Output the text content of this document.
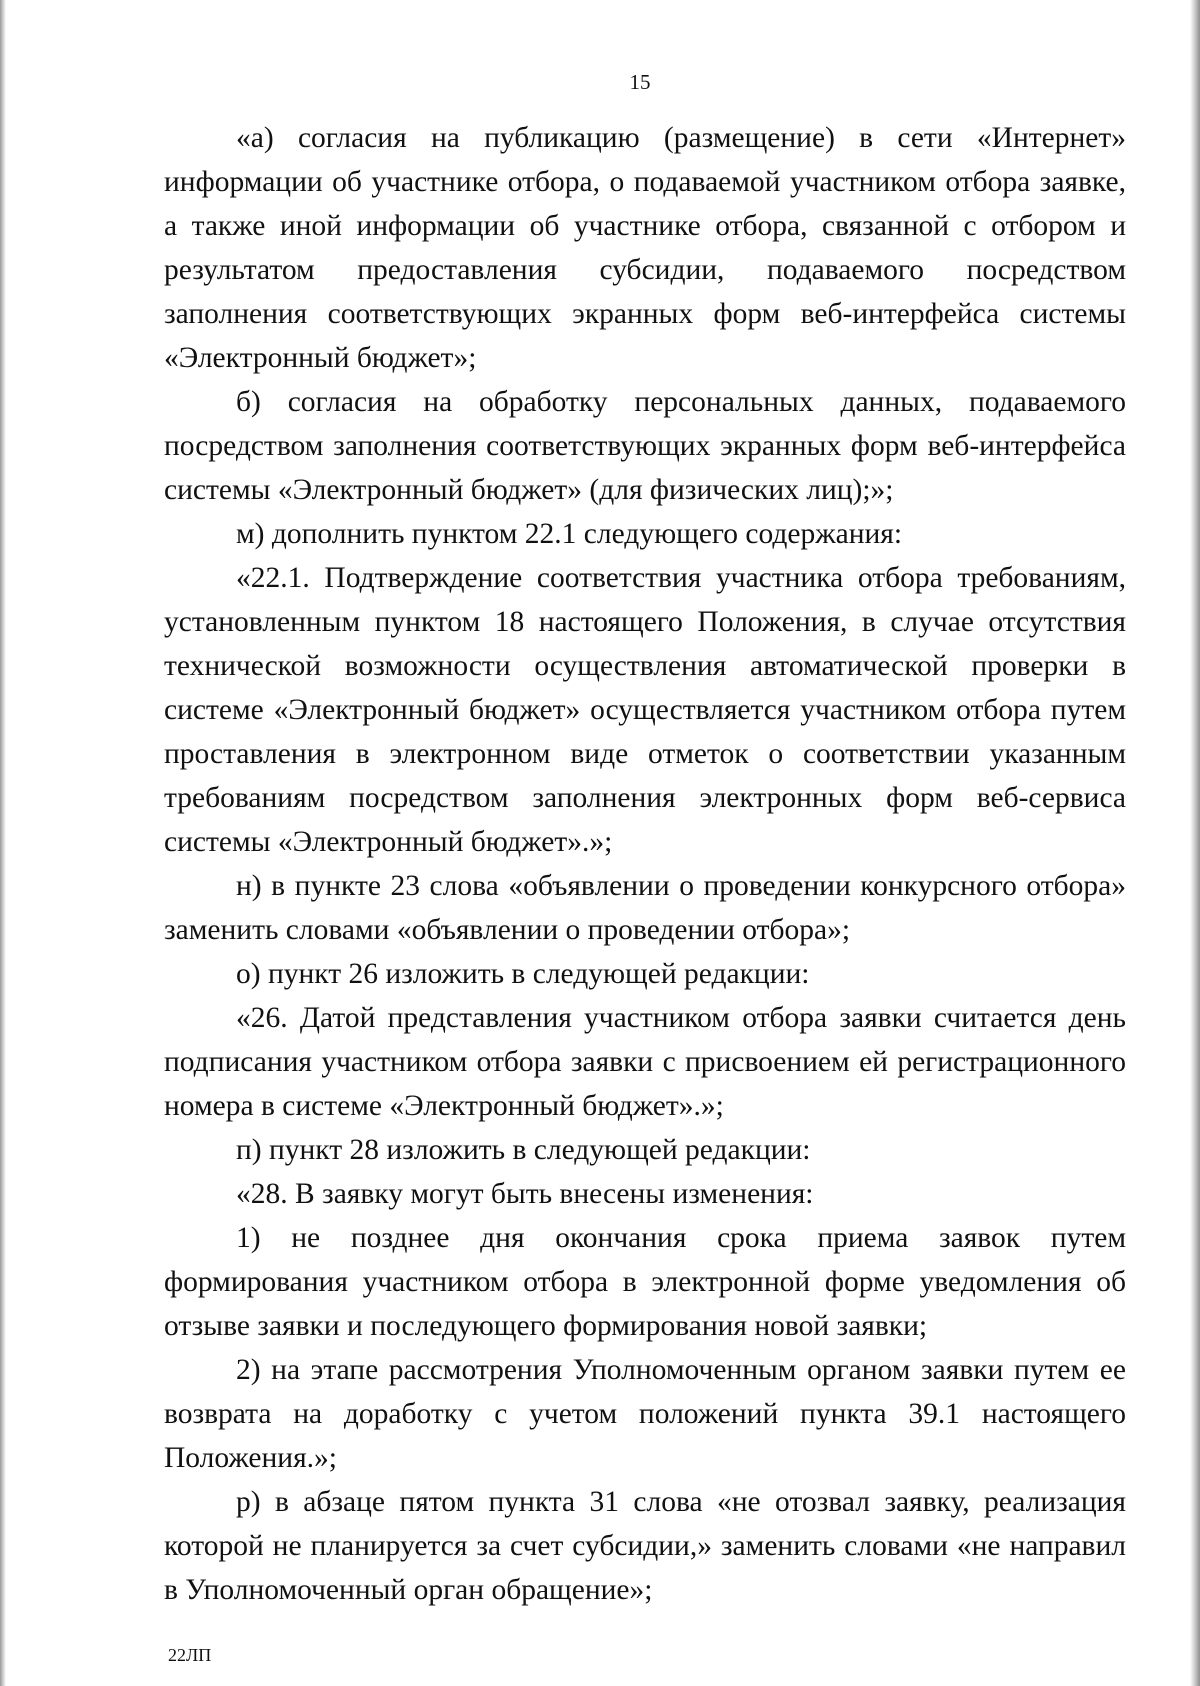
15

«а) согласия на публикацию (размещение) в сети «Интернет» информации об участнике отбора, о подаваемой участником отбора заявке, а также иной информации об участнике отбора, связанной с отбором и результатом предоставления субсидии, подаваемого посредством заполнения соответствующих экранных форм веб-интерфейса системы «Электронный бюджет»;

б) согласия на обработку персональных данных, подаваемого посредством заполнения соответствующих экранных форм веб-интерфейса системы «Электронный бюджет» (для физических лиц);»;

м) дополнить пунктом 22.1 следующего содержания:

«22.1. Подтверждение соответствия участника отбора требованиям, установленным пунктом 18 настоящего Положения, в случае отсутствия технической возможности осуществления автоматической проверки в системе «Электронный бюджет» осуществляется участником отбора путем проставления в электронном виде отметок о соответствии указанным требованиям посредством заполнения электронных форм веб-сервиса системы «Электронный бюджет».»;

н) в пункте 23 слова «объявлении о проведении конкурсного отбора» заменить словами «объявлении о проведении отбора»;

о) пункт 26 изложить в следующей редакции:

«26. Датой представления участником отбора заявки считается день подписания участником отбора заявки с присвоением ей регистрационного номера в системе «Электронный бюджет».»;

п) пункт 28 изложить в следующей редакции:

«28. В заявку могут быть внесены изменения:

1) не позднее дня окончания срока приема заявок путем формирования участником отбора в электронной форме уведомления об отзыве заявки и последующего формирования новой заявки;

2) на этапе рассмотрения Уполномоченным органом заявки путем ее возврата на доработку с учетом положений пункта 39.1 настоящего Положения.»;

р) в абзаце пятом пункта 31 слова «не отозвал заявку, реализация которой не планируется за счет субсидии,» заменить словами «не направил в Уполномоченный орган обращение»;

22ЛП
